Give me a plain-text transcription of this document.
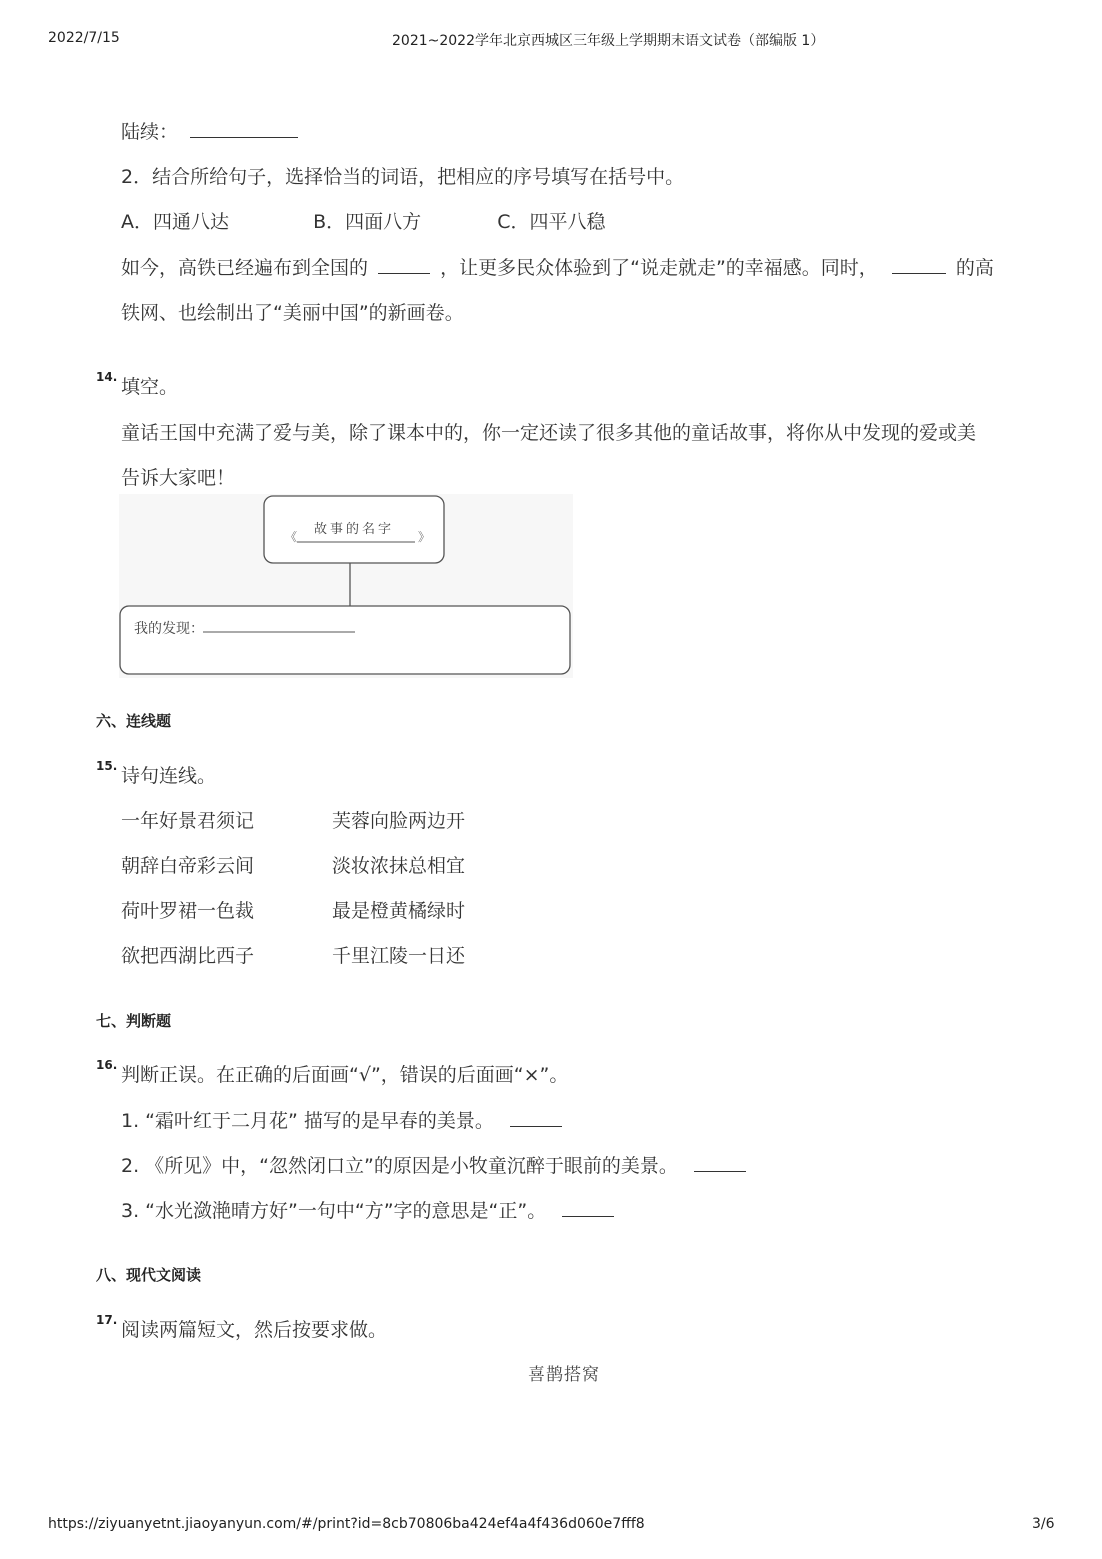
2022/7/15	2021~2022学年北京西城区三年级上学期期末语文试卷（部编版 1）
陆续：
2．结合所给句子，选择恰当的词语，把相应的序号填写在括号中。
A．四通八达	B．四面八方	C．四平八稳
如今，高铁已经遍布到全国的	，让更多民众体验到了“说走就走”的幸福感。同时，	的高
铁网、也绘制出了“美丽中国”的新画卷。
14. 填空。
童话王国中充满了爱与美，除了课本中的，你一定还读了很多其他的童话故事，将你从中发现的爱或美
告诉大家吧！
《	》
故事的名字
我的发现：
六、连线题
15. 诗句连线。
一年好景君须记	芙蓉向脸两边开
朝辞白帝彩云间	淡妆浓抹总相宜
荷叶罗裙一色裁	最是橙黄橘绿时
欲把西湖比西子	千里江陵一日还
七、判断题
16. 判断正误。在正确的后面画“√”，错误的后面画“×”。
1. “霜叶红于二月花” 描写的是早春的美景。
2. 《所见》中，“忽然闭口立”的原因是小牧童沉醉于眼前的美景。
3. “水光潋滟晴方好”一句中“方”字的意思是“正”。
八、现代文阅读
17. 阅读两篇短文，然后按要求做。
喜鹊搭窝
https://ziyuanyetnt.jiaoyanyun.com/#/print?id=8cb70806ba424ef4a4f436d060e7fff8	3/6
